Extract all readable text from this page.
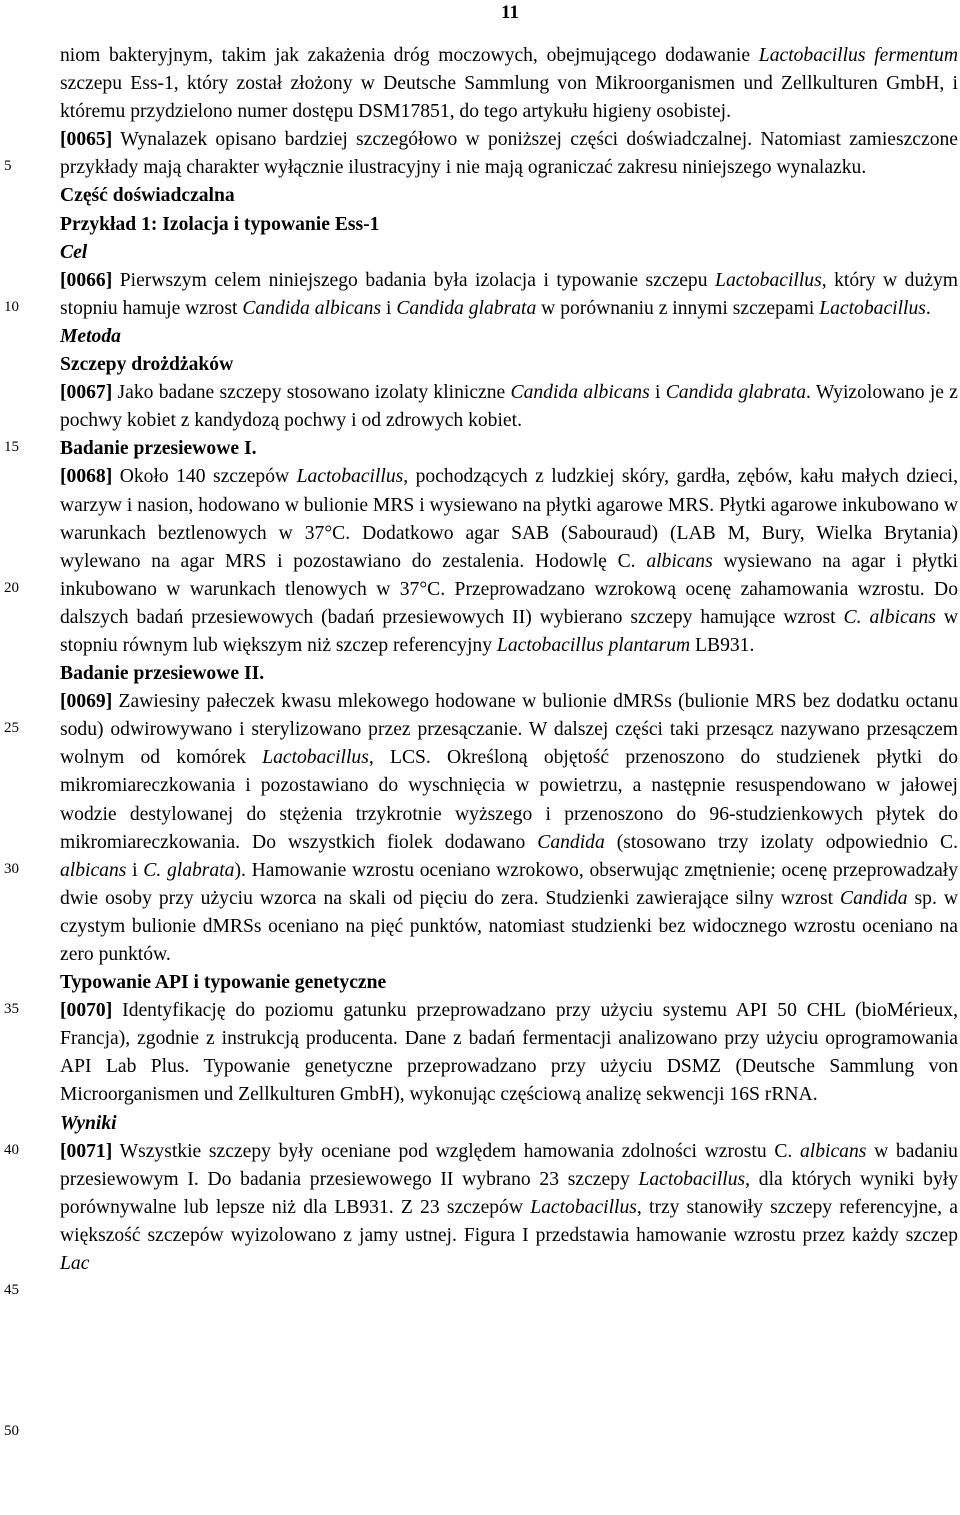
11
5
10
15
20
25
30
35
40
45
50

niom bakteryjnym, takim jak zakażenia dróg moczowych, obejmującego dodawanie Lactobacillus fermentum szczepu Ess-1, który został złożony w Deutsche Sammlung von Mikroorganismen und Zellkulturen GmbH, i któremu przydzielono numer dostępu DSM17851, do tego artykułu higieny osobistej.

[0065] Wynalazek opisano bardziej szczegółowo w poniższej części doświadczalnej. Natomiast zamieszczone przykłady mają charakter wyłącznie ilustracyjny i nie mają ograniczać zakresu niniejszego wynalazku.

Część doświadczalna
Przykład 1: Izolacja i typowanie Ess-1
Cel

[0066] Pierwszym celem niniejszego badania była izolacja i typowanie szczepu Lactobacillus, który w dużym stopniu hamuje wzrost Candida albicans i Candida glabrata w porównaniu z innymi szczepami Lactobacillus.

Metoda
Szczepy drożdżaków

[0067] Jako badane szczepy stosowano izolaty kliniczne Candida albicans i Candida glabrata. Wyizolowano je z pochwy kobiet z kandydozą pochwy i od zdrowych kobiet.

Badanie przesiewowe I.

[0068] Około 140 szczepów Lactobacillus, pochodzących z ludzkiej skóry, gardła, zębów, kału małych dzieci, warzyw i nasion, hodowano w bulionie MRS i wysiewano na płytki agarowe MRS. Płytki agarowe inkubowano w warunkach beztlenowych w 37°C. Dodatkowo agar SAB (Sabouraud) (LAB M, Bury, Wielka Brytania) wylewano na agar MRS i pozostawiano do zestalenia. Hodowlę C. albicans wysiewano na agar i płytki inkubowano w warunkach tlenowych w 37°C. Przeprowadzano wzrokową ocenę zahamowania wzrostu. Do dalszych badań przesiewowych (badań przesiewowych II) wybierano szczepy hamujące wzrost C. albicans w stopniu równym lub większym niż szczep referencyjny Lactobacillus plantarum LB931.

Badanie przesiewowe II.

[0069] Zawiesiny pałeczek kwasu mlekowego hodowane w bulionie dMRSs (bulionie MRS bez dodatku octanu sodu) odwirowywano i sterylizowano przez przesączanie. W dalszej części taki przesącz nazywano przesączem wolnym od komórek Lactobacillus, LCS. Określoną objętość przenoszono do studzienek płytki do mikromiareczkowania i pozostawiano do wyschnięcia w powietrzu, a następnie resuspendowano w jałowej wodzie destylowanej do stężenia trzykrotnie wyższego i przenoszono do 96-studzienkowych płytek do mikromiareczkowania. Do wszystkich fiolek dodawano Candida (stosowano trzy izolaty odpowiednio C. albicans i C. glabrata). Hamowanie wzrostu oceniano wzrokowo, obserwując zmętnienie; ocenę przeprowadzały dwie osoby przy użyciu wzorca na skali od pięciu do zera. Studzienki zawierające silny wzrost Candida sp. w czystym bulionie dMRSs oceniano na pięć punktów, natomiast studzienki bez widocznego wzrostu oceniano na zero punktów.

Typowanie API i typowanie genetyczne

[0070] Identyfikację do poziomu gatunku przeprowadzano przy użyciu systemu API 50 CHL (bioMérieux, Francja), zgodnie z instrukcją producenta. Dane z badań fermentacji analizowano przy użyciu oprogramowania API Lab Plus. Typowanie genetyczne przeprowadzano przy użyciu DSMZ (Deutsche Sammlung von Microorganismen und Zellkulturen GmbH), wykonując częściową analizę sekwencji 16S rRNA.

Wyniki

[0071] Wszystkie szczepy były oceniane pod względem hamowania zdolności wzrostu C. albicans w badaniu przesiewowym I. Do badania przesiewowego II wybrano 23 szczepy Lactobacillus, dla których wyniki były porównywalne lub lepsze niż dla LB931. Z 23 szczepów Lactobacillus, trzy stanowiły szczepy referencyjne, a większość szczepów wyizolowano z jamy ustnej. Figura I przedstawia hamowanie wzrostu przez każdy szczep Lac
